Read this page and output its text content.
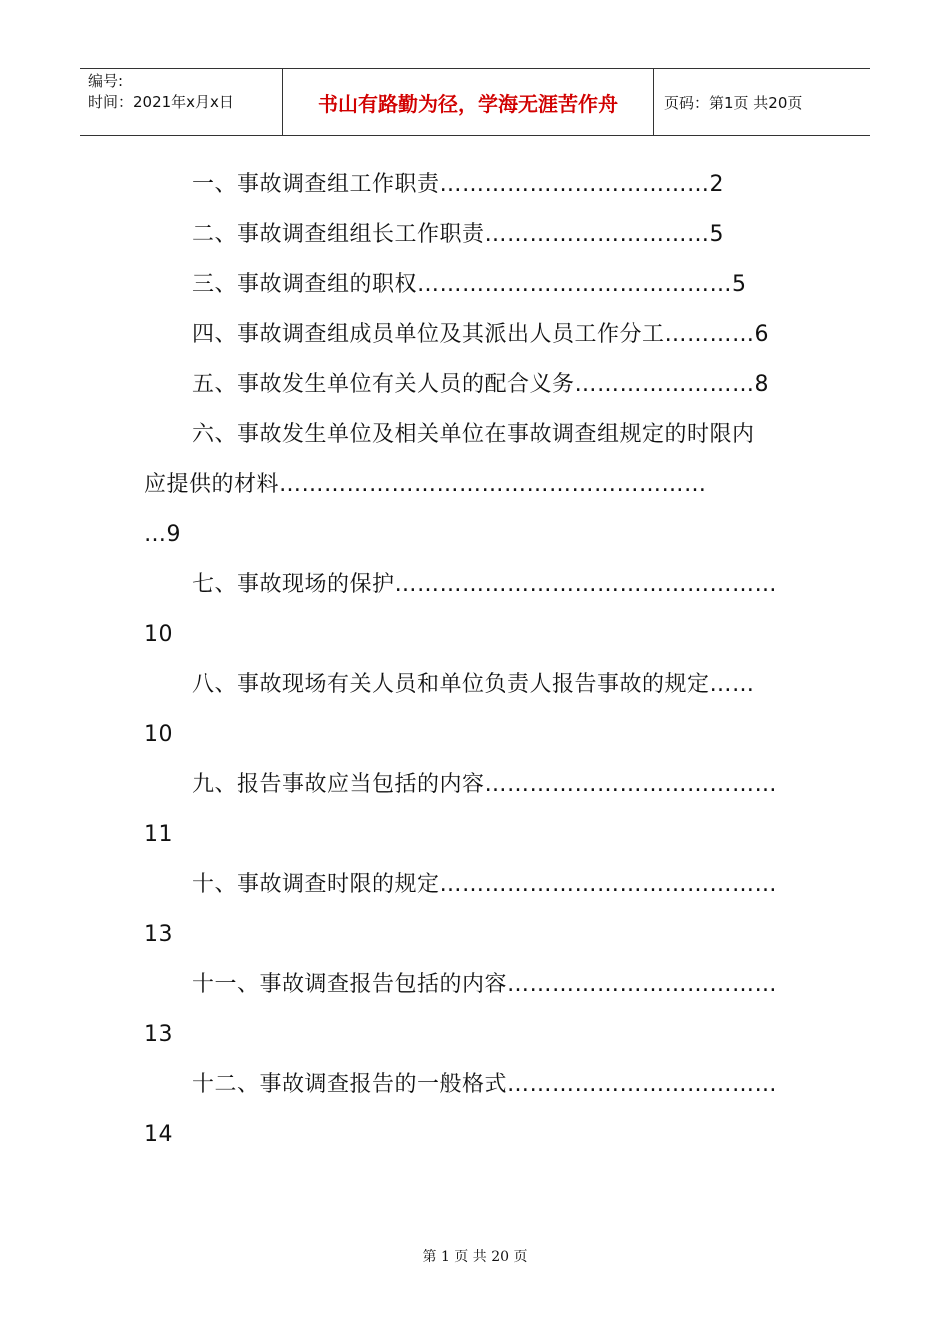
编号:
时间：2021年x月x日	书山有路勤为径，学海无涯苦作舟	页码：第1页 共20页
一、事故调查组工作职责………………………………2
二、事故调查组组长工作职责…………………………5
三、事故调查组的职权……………………………………5
四、事故调查组成员单位及其派出人员工作分工…………6
五、事故发生单位有关人员的配合义务……………………8
六、事故发生单位及相关单位在事故调查组规定的时限内
应提供的材料…………………………………………………
…9
七、事故现场的保护……………………………………………
10
八、事故现场有关人员和单位负责人报告事故的规定……
10
九、报告事故应当包括的内容…………………………………
11
十、事故调查时限的规定………………………………………
13
十一、事故调查报告包括的内容………………………………
13
十二、事故调查报告的一般格式………………………………
14
第 1 页 共 20 页
